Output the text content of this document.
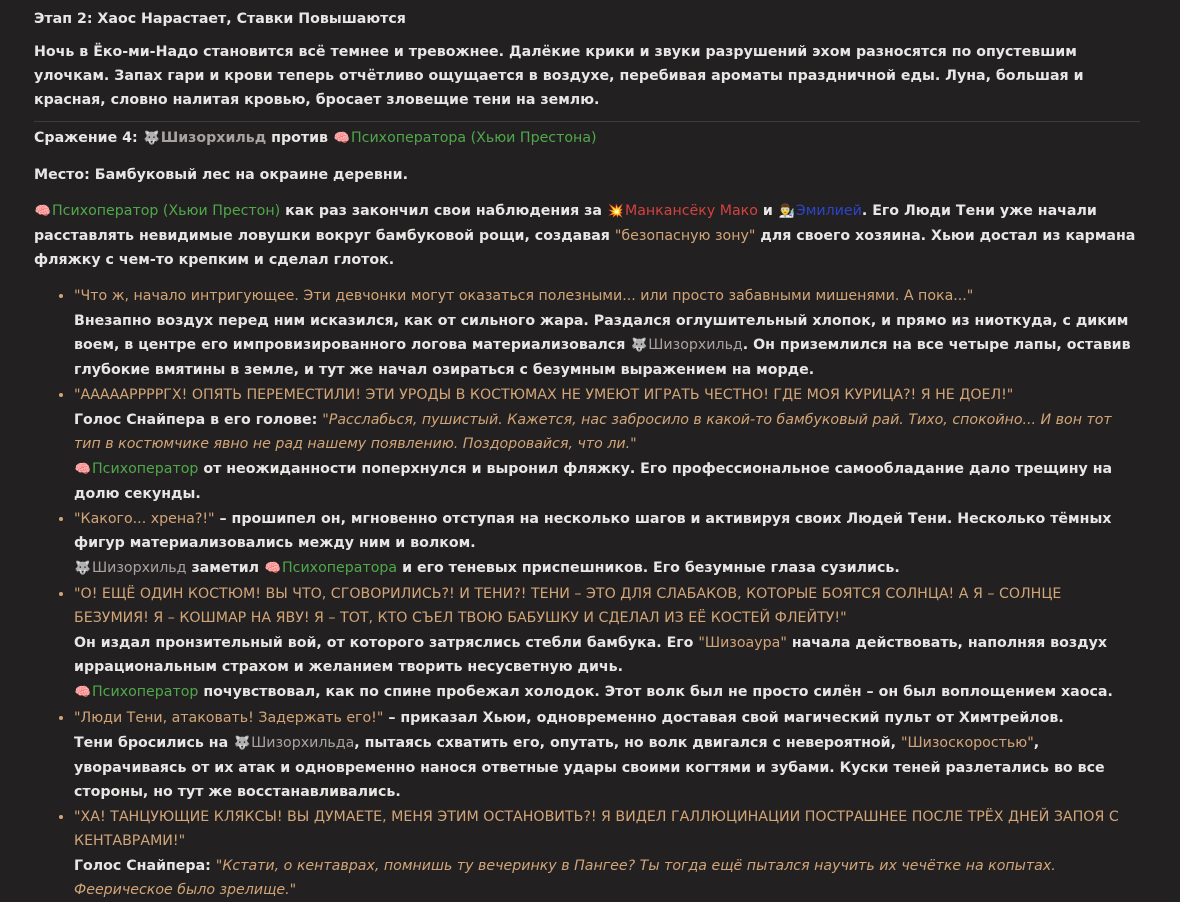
Этап 2: Хаос Нарастает, Ставки Повышаются

Ночь в Ёко-ми-Надо становится всё темнее и тревожнее. Далёкие крики и звуки разрушений эхом разносятся по опустевшим улочкам. Запах гари и крови теперь отчётливо ощущается в воздухе, перебивая ароматы праздничной еды. Луна, большая и красная, словно налитая кровью, бросает зловещие тени на землю.

Сражение 4: 🐺Шизорхильд против 🧠Психоператора (Хьюи Престона)

Место: Бамбуковый лес на окраине деревни.

🧠Психоператор (Хьюи Престон) как раз закончил свои наблюдения за 💥Манкансёку Мако и 👨‍🔬Эмилией. Его Люди Тени уже начали расставлять невидимые ловушки вокруг бамбуковой рощи, создавая "безопасную зону" для своего хозяина. Хьюи достал из кармана фляжку с чем-то крепким и сделал глоток.

• "Что ж, начало интригующее. Эти девчонки могут оказаться полезными... или просто забавными мишенями. А пока..."
Внезапно воздух перед ним исказился, как от сильного жара. Раздался оглушительный хлопок, и прямо из ниоткуда, с диким воем, в центре его импровизированного логова материализовался 🐺Шизорхильд. Он приземлился на все четыре лапы, оставив глубокие вмятины в земле, и тут же начал озираться с безумным выражением на морде.
• "АААААРРРРГХ! ОПЯТЬ ПЕРЕМЕСТИЛИ! ЭТИ УРОДЫ В КОСТЮМАХ НЕ УМЕЮТ ИГРАТЬ ЧЕСТНО! ГДЕ МОЯ КУРИЦА?! Я НЕ ДОЕЛ!"
Голос Снайпера в его голове: "Расслабься, пушистый. Кажется, нас забросило в какой-то бамбуковый рай. Тихо, спокойно... И вон тот тип в костюмчике явно не рад нашему появлению. Поздоровайся, что ли."
🧠Психоператор от неожиданности поперхнулся и выронил фляжку. Его профессиональное самообладание дало трещину на долю секунды.
• "Какого... хрена?!" – прошипел он, мгновенно отступая на несколько шагов и активируя своих Людей Тени. Несколько тёмных фигур материализовались между ним и волком.
🐺Шизорхильд заметил 🧠Психоператора и его теневых приспешников. Его безумные глаза сузились.
• "О! ЕЩЁ ОДИН КОСТЮМ! ВЫ ЧТО, СГОВОРИЛИСЬ?! И ТЕНИ?! ТЕНИ – ЭТО ДЛЯ СЛАБАКОВ, КОТОРЫЕ БОЯТСЯ СОЛНЦА! А Я – СОЛНЦЕ БЕЗУМИЯ! Я – КОШМАР НА ЯВУ! Я – ТОТ, КТО СЪЕЛ ТВОЮ БАБУШКУ И СДЕЛАЛ ИЗ ЕЁ КОСТЕЙ ФЛЕЙТУ!"
Он издал пронзительный вой, от которого затряслись стебли бамбука. Его "Шизоаура" начала действовать, наполняя воздух иррациональным страхом и желанием творить несусветную дичь.
🧠Психоператор почувствовал, как по спине пробежал холодок. Этот волк был не просто силён – он был воплощением хаоса.
• "Люди Тени, атаковать! Задержать его!" – приказал Хьюи, одновременно доставая свой магический пульт от Химтрейлов.
Тени бросились на 🐺Шизорхильда, пытаясь схватить его, опутать, но волк двигался с невероятной, "Шизоскоростью", уворачиваясь от их атак и одновременно нанося ответные удары своими когтями и зубами. Куски теней разлетались во все стороны, но тут же восстанавливались.
• "ХА! ТАНЦУЮЩИЕ КЛЯКСЫ! ВЫ ДУМАЕТЕ, МЕНЯ ЭТИМ ОСТАНОВИТЬ?! Я ВИДЕЛ ГАЛЛЮЦИНАЦИИ ПОСТРАШНЕЕ ПОСЛЕ ТРЁХ ДНЕЙ ЗАПОЯ С КЕНТАВРАМИ!"
Голос Снайпера: "Кстати, о кентаврах, помнишь ту вечеринку в Пангее? Ты тогда ещё пытался научить их чечётке на копытах. Феерическое было зрелище."
